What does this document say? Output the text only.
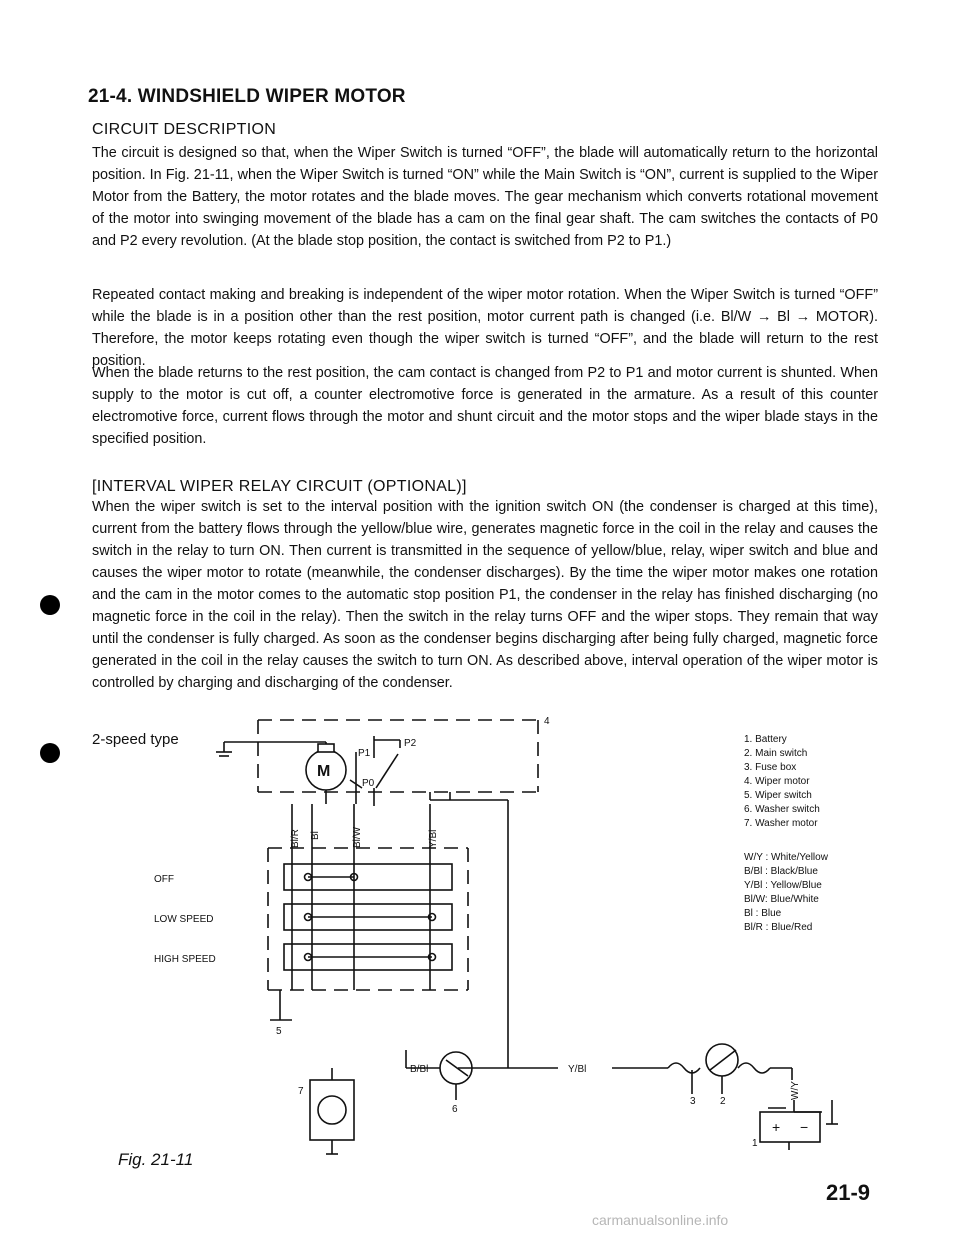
21-4. WINDSHIELD WIPER MOTOR
CIRCUIT DESCRIPTION

The circuit is designed so that, when the Wiper Switch is turned “OFF”, the blade will automatically return to the horizontal position. In Fig. 21-11, when the Wiper Switch is turned “ON” while the Main Switch is “ON”, current is supplied to the Wiper Motor from the Battery, the motor rotates and the blade moves. The gear mechanism which converts rotational movement of the motor into swinging movement of the blade has a cam on the final gear shaft. The cam switches the contacts of P0 and P2 every revolution. (At the blade stop position, the contact is switched from P2 to P1.)

Repeated contact making and breaking is independent of the wiper motor rotation. When the Wiper Switch is turned “OFF” while the blade is in a position other than the rest position, motor current path is changed (i.e. Bl/W → Bl → MOTOR). Therefore, the motor keeps rotating even though the wiper switch is turned “OFF”, and the blade will return to the rest position.

When the blade returns to the rest position, the cam contact is changed from P2 to P1 and motor current is shunted. When supply to the motor is cut off, a counter electromotive force is generated in the armature. As a result of this counter electromotive force, current flows through the motor and shunt circuit and the motor stops and the wiper blade stays in the specified position.

[INTERVAL WIPER RELAY CIRCUIT (OPTIONAL)]

When the wiper switch is set to the interval position with the ignition switch ON (the condenser is charged at this time), current from the battery flows through the yellow/blue wire, generates magnetic force in the coil in the relay and causes the switch in the relay to turn ON. Then current is transmitted in the sequence of yellow/blue, relay, wiper switch and blue and causes the wiper motor to rotate (meanwhile, the condenser discharges). By the time the wiper motor makes one rotation and the cam in the motor comes to the automatic stop position P1, the condenser in the relay has finished discharging (no magnetic force in the coil in the relay). Then the switch in the relay turns OFF and the wiper stops. They remain that way until the condenser is fully charged. As soon as the condenser begins discharging after being fully charged, magnetic force generated in the coil in the relay causes the switch to turn ON. As described above, interval operation of the wiper motor is controlled by charging and discharging of the condenser.

2-speed type
M
P1
P2
P0
4
5
6
7
3 2
1
Bl/R Bl	Bl/W	Y/Bl
B/Bl	Y/Bl
W/Y
OFF
LOW SPEED
HIGH SPEED
+ −
1. Battery
2. Main switch
3. Fuse box
4. Wiper motor
5. Wiper switch
6. Washer switch
7. Washer motor
W/Y : White/Yellow
B/Bl : Black/Blue
Y/Bl : Yellow/Blue
Bl/W: Blue/White
Bl : Blue
Bl/R : Blue/Red
Fig. 21-11
21-9
carmanualsonline.info
